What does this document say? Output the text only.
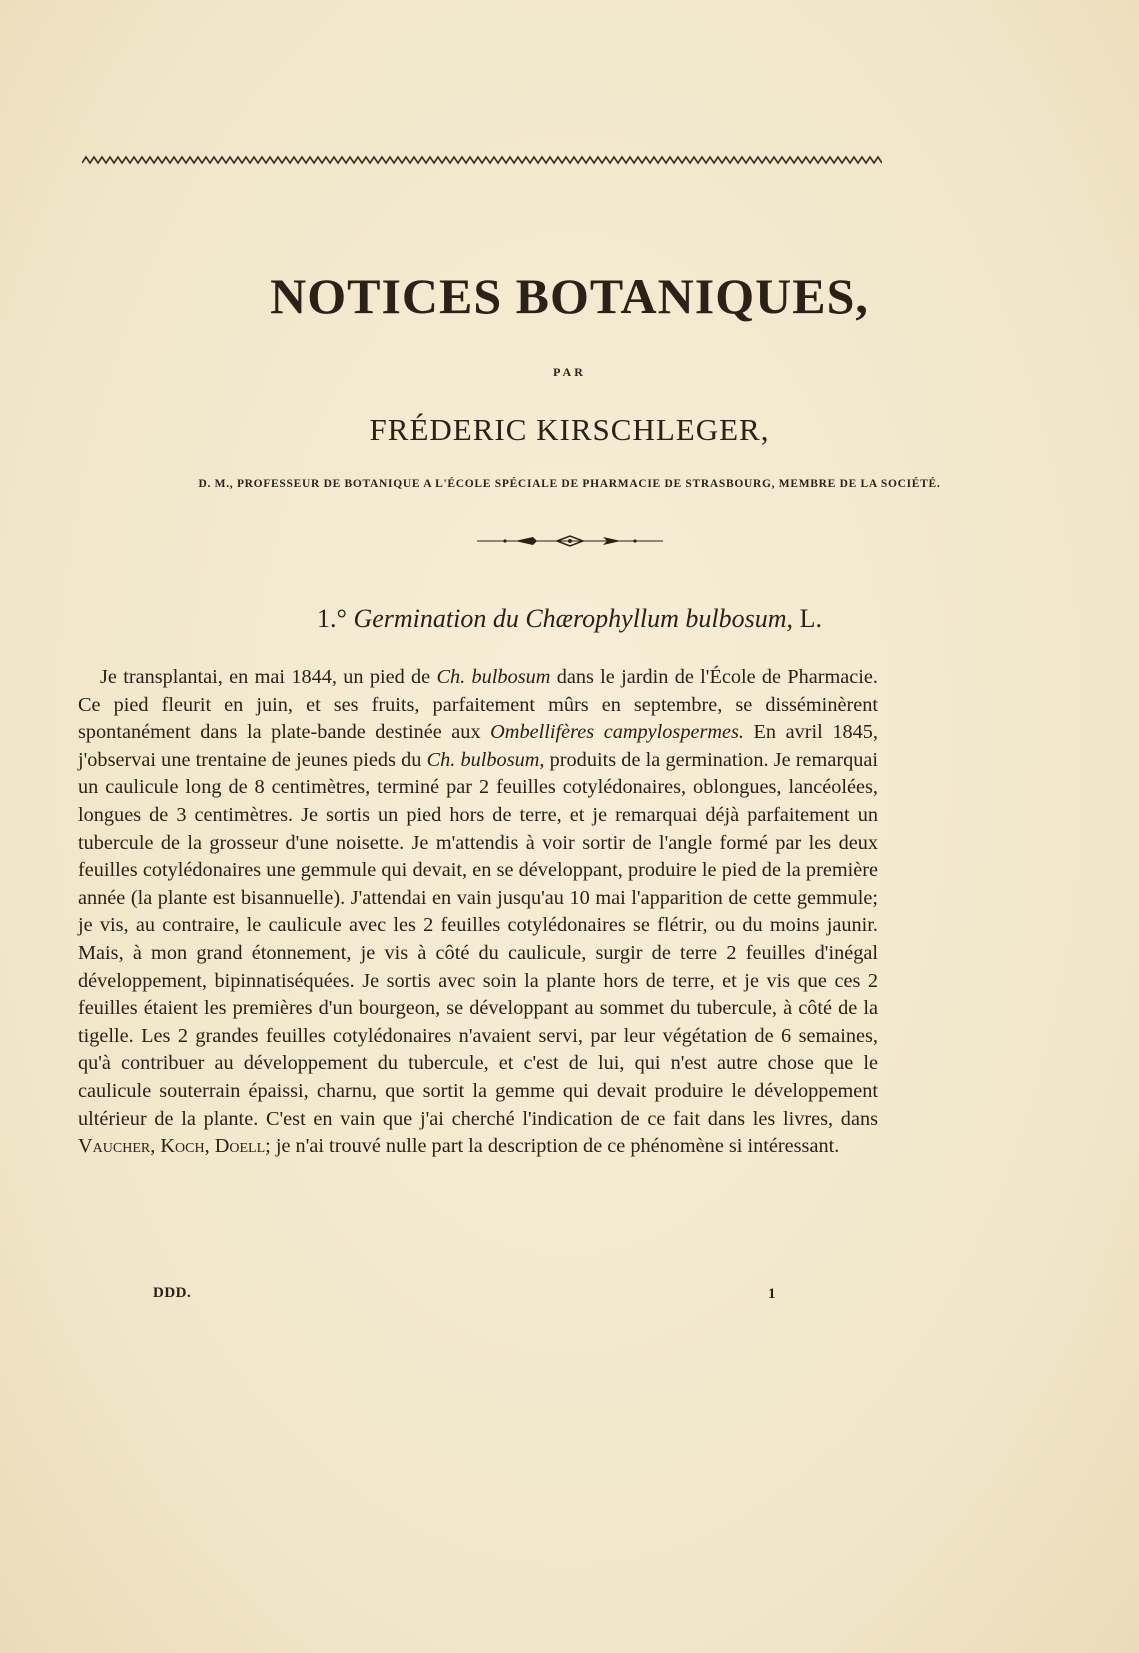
NOTICES BOTANIQUES,
PAR
FRÉDERIC KIRSCHLEGER,
D. M., PROFESSEUR DE BOTANIQUE A L'ÉCOLE SPÉCIALE DE PHARMACIE DE STRASBOURG, MEMBRE DE LA SOCIÉTÉ.
1.° Germination du Chærophyllum bulbosum, L.

Je transplantai, en mai 1844, un pied de Ch. bulbosum dans le jardin de l'École de Pharmacie. Ce pied fleurit en juin, et ses fruits, parfaitement mûrs en septembre, se disséminèrent spontanément dans la plate-bande destinée aux Ombellifères campylospermes. En avril 1845, j'observai une trentaine de jeunes pieds du Ch. bulbosum, produits de la germination. Je remarquai un caulicule long de 8 centimètres, terminé par 2 feuilles cotylédonaires, oblongues, lancéolées, longues de 3 centimètres. Je sortis un pied hors de terre, et je remarquai déjà parfaitement un tubercule de la grosseur d'une noisette. Je m'attendis à voir sortir de l'angle formé par les deux feuilles cotylédonaires une gemmule qui devait, en se développant, produire le pied de la première année (la plante est bisannuelle). J'attendai en vain jusqu'au 10 mai l'apparition de cette gemmule; je vis, au contraire, le caulicule avec les 2 feuilles cotylédonaires se flétrir, ou du moins jaunir. Mais, à mon grand étonnement, je vis à côté du caulicule, surgir de terre 2 feuilles d'inégal développement, bipinnatiséquées. Je sortis avec soin la plante hors de terre, et je vis que ces 2 feuilles étaient les premières d'un bourgeon, se développant au sommet du tubercule, à côté de la tigelle. Les 2 grandes feuilles cotylédonaires n'avaient servi, par leur végétation de 6 semaines, qu'à contribuer au développement du tubercule, et c'est de lui, qui n'est autre chose que le caulicule souterrain épaissi, charnu, que sortit la gemme qui devait produire le développement ultérieur de la plante. C'est en vain que j'ai cherché l'indication de ce fait dans les livres, dans Vaucher, Koch, Doell; je n'ai trouvé nulle part la description de ce phénomène si intéressant.

DDD.	1
